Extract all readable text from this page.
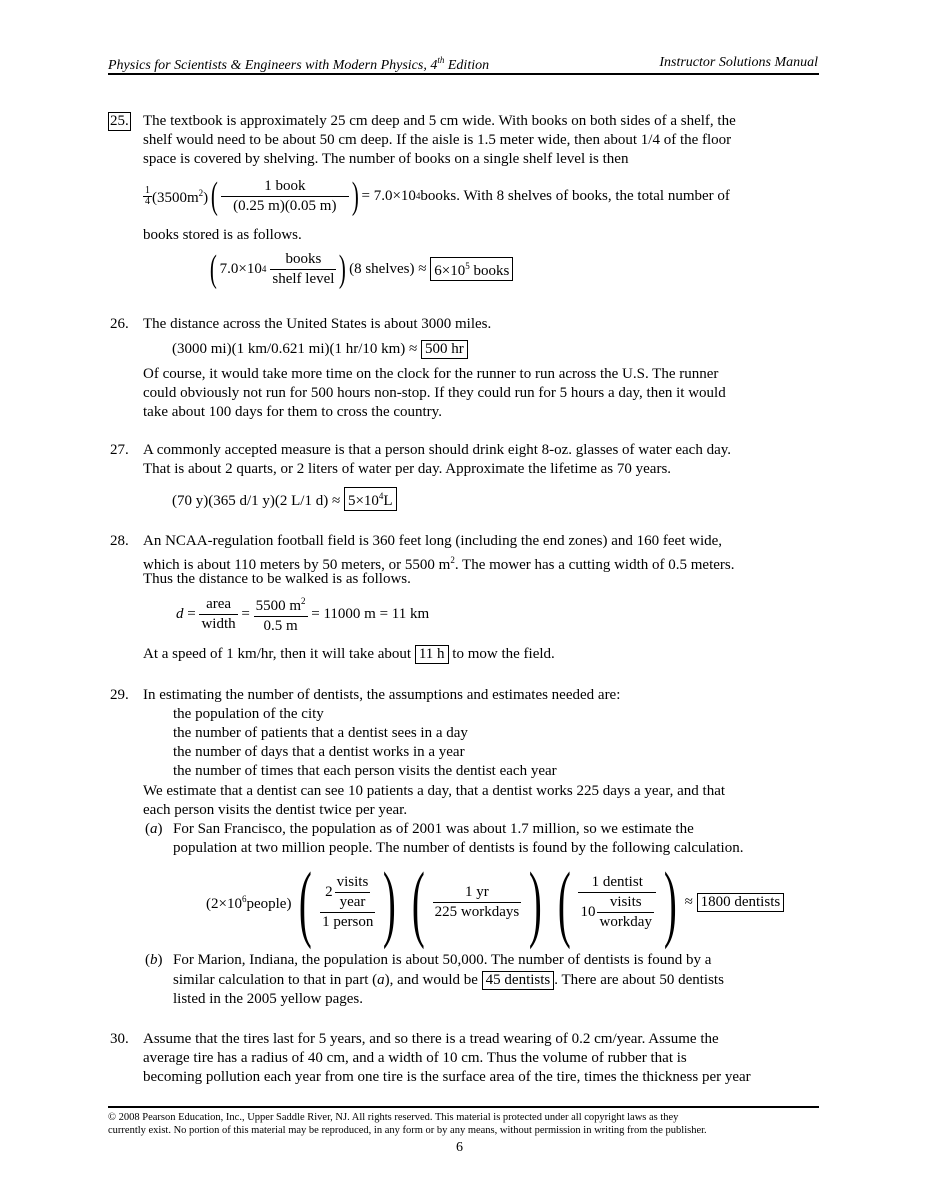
Physics for Scientists & Engineers with Modern Physics, 4th Edition	Instructor Solutions Manual
25. The textbook is approximately 25 cm deep and 5 cm wide. With books on both sides of a shelf, the
shelf would need to be about 50 cm deep. If the aisle is 1.5 meter wide, then about 1/4 of the floor
space is covered by shelving. The number of books on a single shelf level is then
$\frac{1}{4} (3500m^2)$ ( $\frac{\text{1 book}}{(0.25 m)(0.05 m)}$ ) = 7.0×10 4 books. With 8 shelves of books, the total number of
books stored is as follows.
( 7.0×10 $4 \frac{\text{books}}{\text{shelf level}}$ ) (8 shelves) ≈
$6\times 10^5$ books
26. The distance across the United States is about 3000 miles.
(3000 mi)(1 km/0.621 mi)(1 hr/10 km) ≈ 500 hr
Of course, it would take more time on the clock for the runner to run across the U.S. The runner
could obviously not run for 500 hours non-stop. If they could run for 5 hours a day, then it would
take about 100 days for them to cross the country.
27. A commonly accepted measure is that a person should drink eight 8-oz. glasses of water each day.
That is about 2 quarts, or 2 liters of water per day. Approximate the lifetime as 70 years.
(70 y)(365 d/1 y)(2 L/1 $d) \approx 5\times 10^4L$
28. An NCAA-regulation football field is 360 feet long (including the end zones) and 160 feet wide,
which is about 110 meters by 50 meters, or 5500 $m^2$. The mower has a cutting width of 0.5 meters.
Thus the distance to be walked is as follows.
$d = \frac{\text{area}}{\text{width}} = \frac{5500 m^2}{0.5 m}$
= 11000 m = 11 km
At a speed of 1 km/hr, then it will take about 11 h to mow the field.
29. In estimating the number of dentists, the assumptions and estimates needed are:
the population of the city
the number of patients that a dentist sees in a day
the number of days that a dentist works in a year
the number of times that each person visits the dentist each year
We estimate that a dentist can see 10 patients a day, that a dentist works 225 days a year, and that
each person visits the dentist twice per year.
(a) For San Francisco, the population as of 2001 was about 1.7 million, so we estimate the
population at two million people. The number of dentists is found by the following calculation.
$(2\times 10^6people)$ ( $\frac{2 \frac{\text{visits}}{\text{year}}}{\text{1 person}}$ ) ( $\frac{1 yr}{\text{225 workdays}}$ ) ( $\frac{\text{1 dentist}}{10 \frac{\text{visits}}{\text{workday}}}$ ) ≈
1800 dentists
(b) For Marion, Indiana, the population is about 50,000. The number of dentists is found by a
similar calculation to that in part (a), and would be 45 dentists . There are about 50 dentists
listed in the 2005 yellow pages.
30. Assume that the tires last for 5 years, and so there is a tread wearing of 0.2 cm/year. Assume the
average tire has a radius of 40 cm, and a width of 10 cm. Thus the volume of rubber that is
becoming pollution each year from one tire is the surface area of the tire, times the thickness per year
© 2008 Pearson Education, Inc., Upper Saddle River, NJ. All rights reserved. This material is protected under all copyright laws as they
currently exist. No portion of this material may be reproduced, in any form or by any means, without permission in writing from the publisher.
6
